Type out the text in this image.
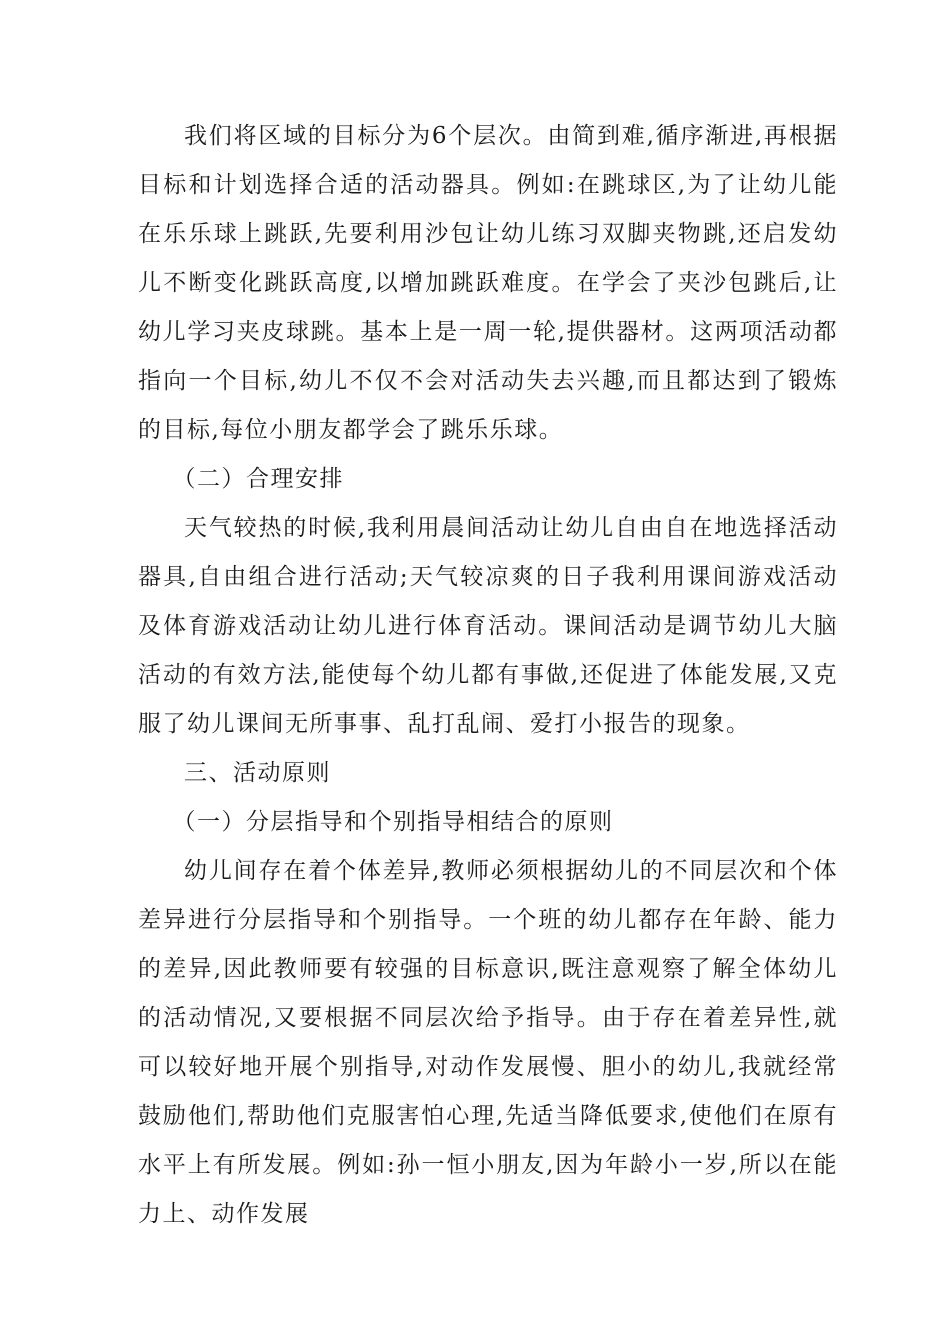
我们将区域的目标分为6个层次。由简到难,循序渐进,再根据目标和计划选择合适的活动器具。例如:在跳球区,为了让幼儿能在乐乐球上跳跃,先要利用沙包让幼儿练习双脚夹物跳,还启发幼儿不断变化跳跃高度,以增加跳跃难度。在学会了夹沙包跳后,让幼儿学习夹皮球跳。基本上是一周一轮,提供器材。这两项活动都指向一个目标,幼儿不仅不会对活动失去兴趣,而且都达到了锻炼的目标,每位小朋友都学会了跳乐乐球。

（二）合理安排

天气较热的时候,我利用晨间活动让幼儿自由自在地选择活动器具,自由组合进行活动;天气较凉爽的日子我利用课间游戏活动及体育游戏活动让幼儿进行体育活动。课间活动是调节幼儿大脑活动的有效方法,能使每个幼儿都有事做,还促进了体能发展,又克服了幼儿课间无所事事、乱打乱闹、爱打小报告的现象。

三、活动原则

（一）分层指导和个别指导相结合的原则

幼儿间存在着个体差异,教师必须根据幼儿的不同层次和个体差异进行分层指导和个别指导。一个班的幼儿都存在年龄、能力的差异,因此教师要有较强的目标意识,既注意观察了解全体幼儿的活动情况,又要根据不同层次给予指导。由于存在着差异性,就可以较好地开展个别指导,对动作发展慢、胆小的幼儿,我就经常鼓励他们,帮助他们克服害怕心理,先适当降低要求,使他们在原有水平上有所发展。例如:孙一恒小朋友,因为年龄小一岁,所以在能力上、动作发展
